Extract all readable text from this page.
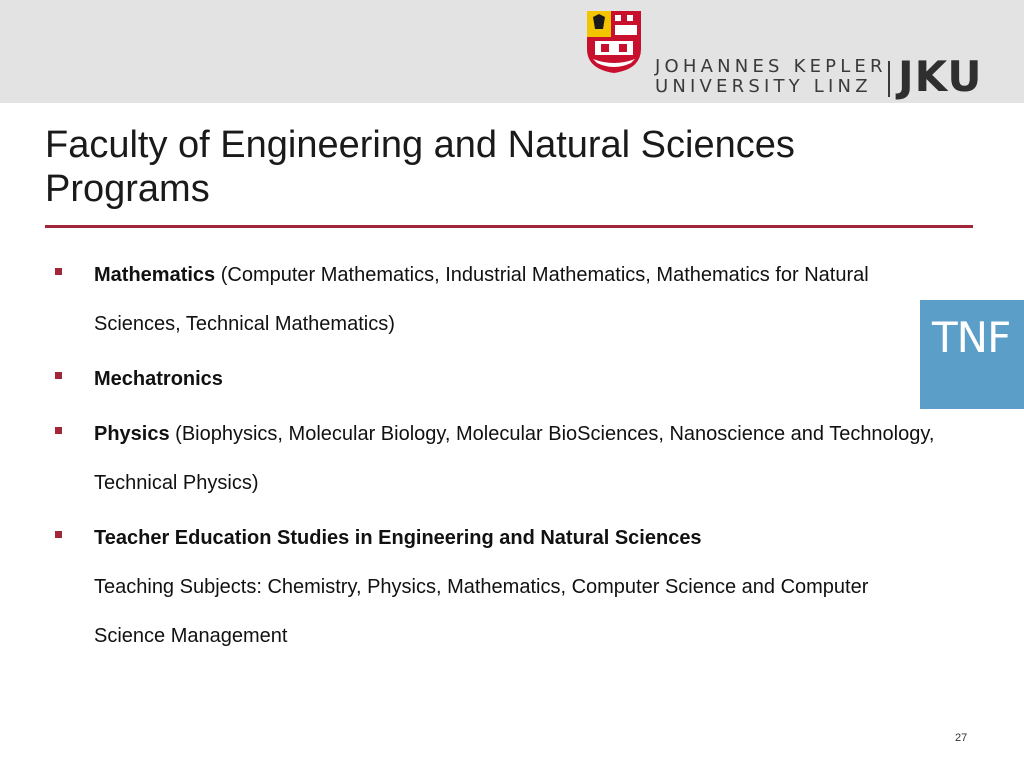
JOHANNES KEPLER
UNIVERSITY LINZ JKU
Faculty of Engineering and Natural Sciences
Programs
Mathematics (Computer Mathematics, Industrial Mathematics, Mathematics for Natural Sciences, Technical Mathematics)
Mechatronics
Physics (Biophysics, Molecular Biology, Molecular BioSciences, Nanoscience and Technology, Technical Physics)
Teacher Education Studies in Engineering and Natural Sciences
Teaching Subjects: Chemistry, Physics, Mathematics, Computer Science and Computer Science Management
TNF
27
